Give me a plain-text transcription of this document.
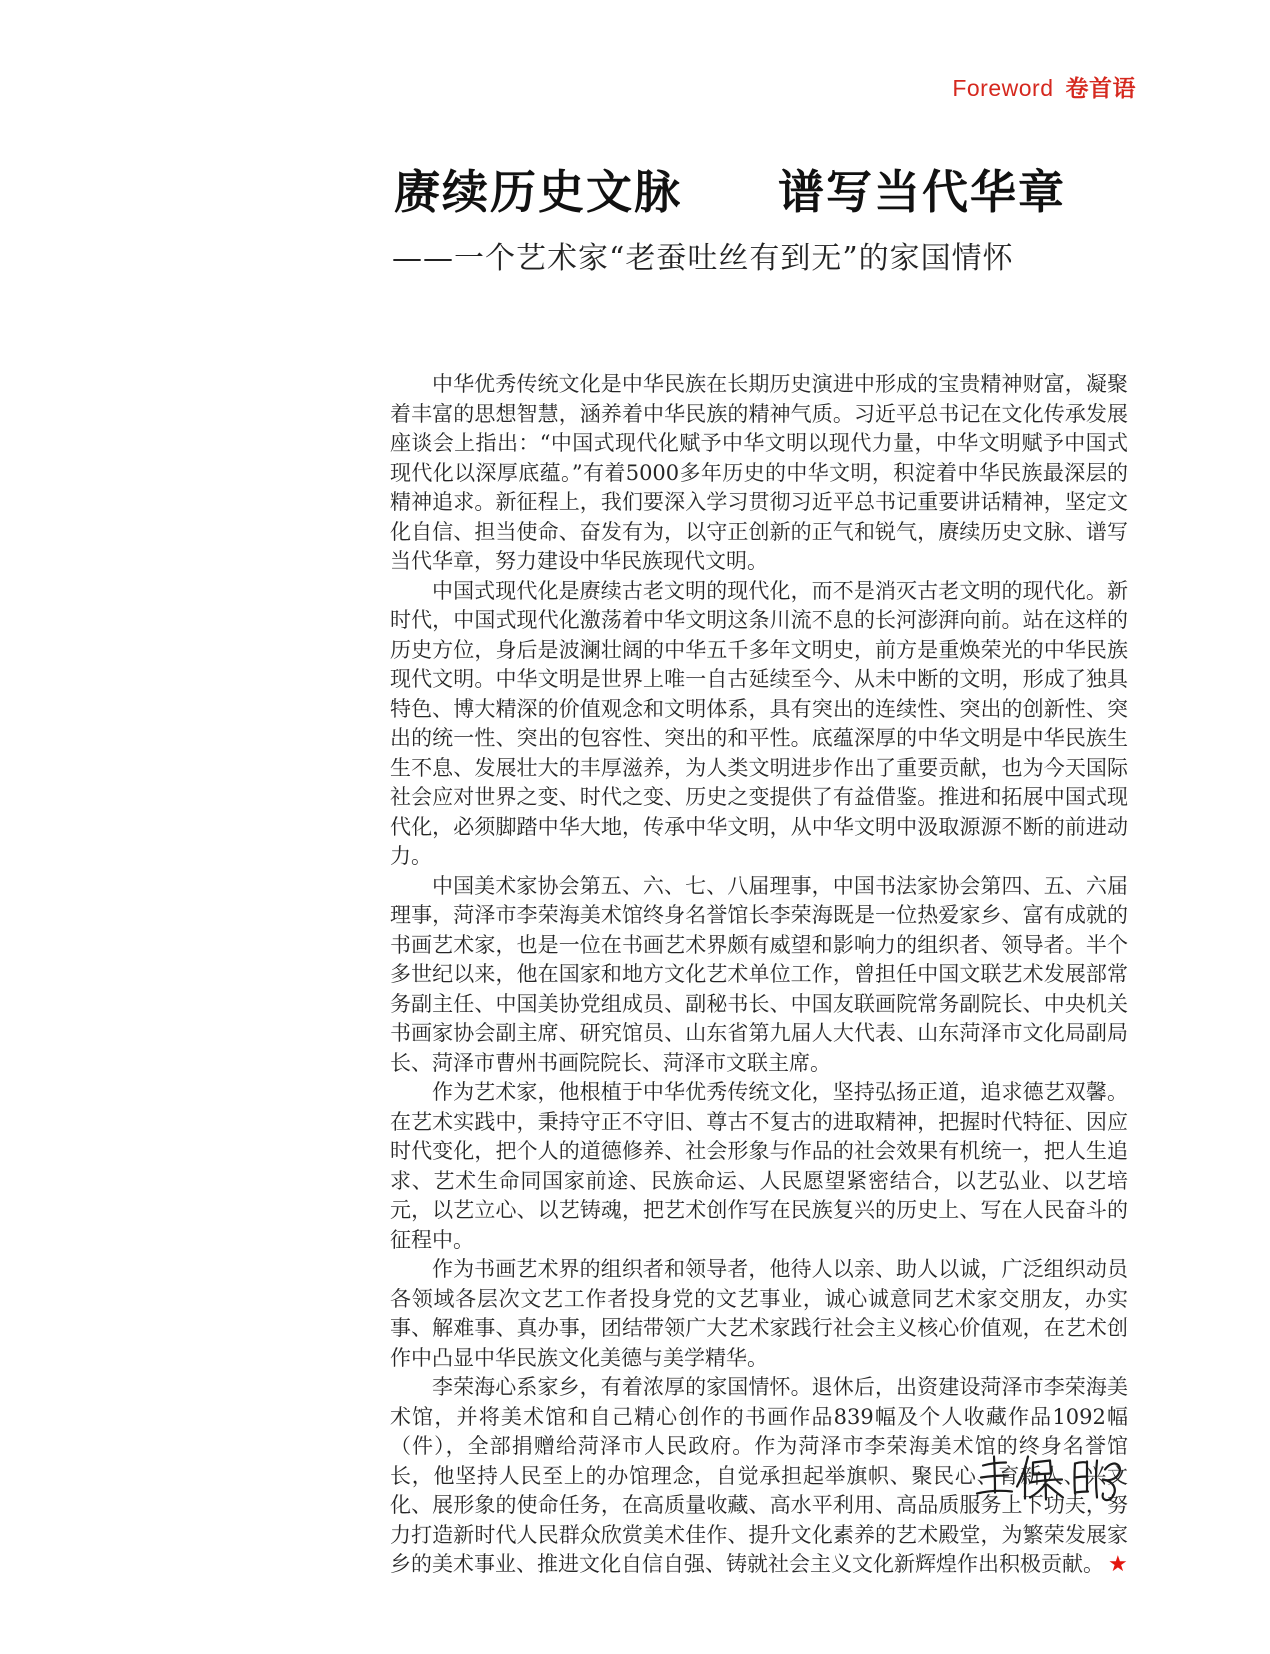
Foreword 卷首语
赓续历史文脉　　谱写当代华章
——一个艺术家“老蚕吐丝有到无”的家国情怀

中华优秀传统文化是中华民族在长期历史演进中形成的宝贵精神财富，凝聚着丰富的思想智慧，涵养着中华民族的精神气质。习近平总书记在文化传承发展座谈会上指出：“中国式现代化赋予中华文明以现代力量，中华文明赋予中国式现代化以深厚底蕴。”有着5000多年历史的中华文明，积淀着中华民族最深层的精神追求。新征程上，我们要深入学习贯彻习近平总书记重要讲话精神，坚定文化自信、担当使命、奋发有为，以守正创新的正气和锐气，赓续历史文脉、谱写当代华章，努力建设中华民族现代文明。

中国式现代化是赓续古老文明的现代化，而不是消灭古老文明的现代化。新时代，中国式现代化激荡着中华文明这条川流不息的长河澎湃向前。站在这样的历史方位，身后是波澜壮阔的中华五千多年文明史，前方是重焕荣光的中华民族现代文明。中华文明是世界上唯一自古延续至今、从未中断的文明，形成了独具特色、博大精深的价值观念和文明体系，具有突出的连续性、突出的创新性、突出的统一性、突出的包容性、突出的和平性。底蕴深厚的中华文明是中华民族生生不息、发展壮大的丰厚滋养，为人类文明进步作出了重要贡献，也为今天国际社会应对世界之变、时代之变、历史之变提供了有益借鉴。推进和拓展中国式现代化，必须脚踏中华大地，传承中华文明，从中华文明中汲取源源不断的前进动力。

中国美术家协会第五、六、七、八届理事，中国书法家协会第四、五、六届理事，菏泽市李荣海美术馆终身名誉馆长李荣海既是一位热爱家乡、富有成就的书画艺术家，也是一位在书画艺术界颇有威望和影响力的组织者、领导者。半个多世纪以来，他在国家和地方文化艺术单位工作，曾担任中国文联艺术发展部常务副主任、中国美协党组成员、副秘书长、中国友联画院常务副院长、中央机关书画家协会副主席、研究馆员、山东省第九届人大代表、山东菏泽市文化局副局长、菏泽市曹州书画院院长、菏泽市文联主席。

作为艺术家，他根植于中华优秀传统文化，坚持弘扬正道，追求德艺双馨。在艺术实践中，秉持守正不守旧、尊古不复古的进取精神，把握时代特征、因应时代变化，把个人的道德修养、社会形象与作品的社会效果有机统一，把人生追求、艺术生命同国家前途、民族命运、人民愿望紧密结合，以艺弘业、以艺培元，以艺立心、以艺铸魂，把艺术创作写在民族复兴的历史上、写在人民奋斗的征程中。

作为书画艺术界的组织者和领导者，他待人以亲、助人以诚，广泛组织动员各领域各层次文艺工作者投身党的文艺事业，诚心诚意同艺术家交朋友，办实事、解难事、真办事，团结带领广大艺术家践行社会主义核心价值观，在艺术创作中凸显中华民族文化美德与美学精华。

李荣海心系家乡，有着浓厚的家国情怀。退休后，出资建设菏泽市李荣海美术馆，并将美术馆和自己精心创作的书画作品839幅及个人收藏作品1092幅（件），全部捐赠给菏泽市人民政府。作为菏泽市李荣海美术馆的终身名誉馆长，他坚持人民至上的办馆理念，自觉承担起举旗帜、聚民心、育新人、兴文化、展形象的使命任务，在高质量收藏、高水平利用、高品质服务上下功夫，努力打造新时代人民群众欣赏美术佳作、提升文化素养的艺术殿堂，为繁荣发展家乡的美术事业、推进文化自信自强、铸就社会主义文化新辉煌作出积极贡献。 ★
